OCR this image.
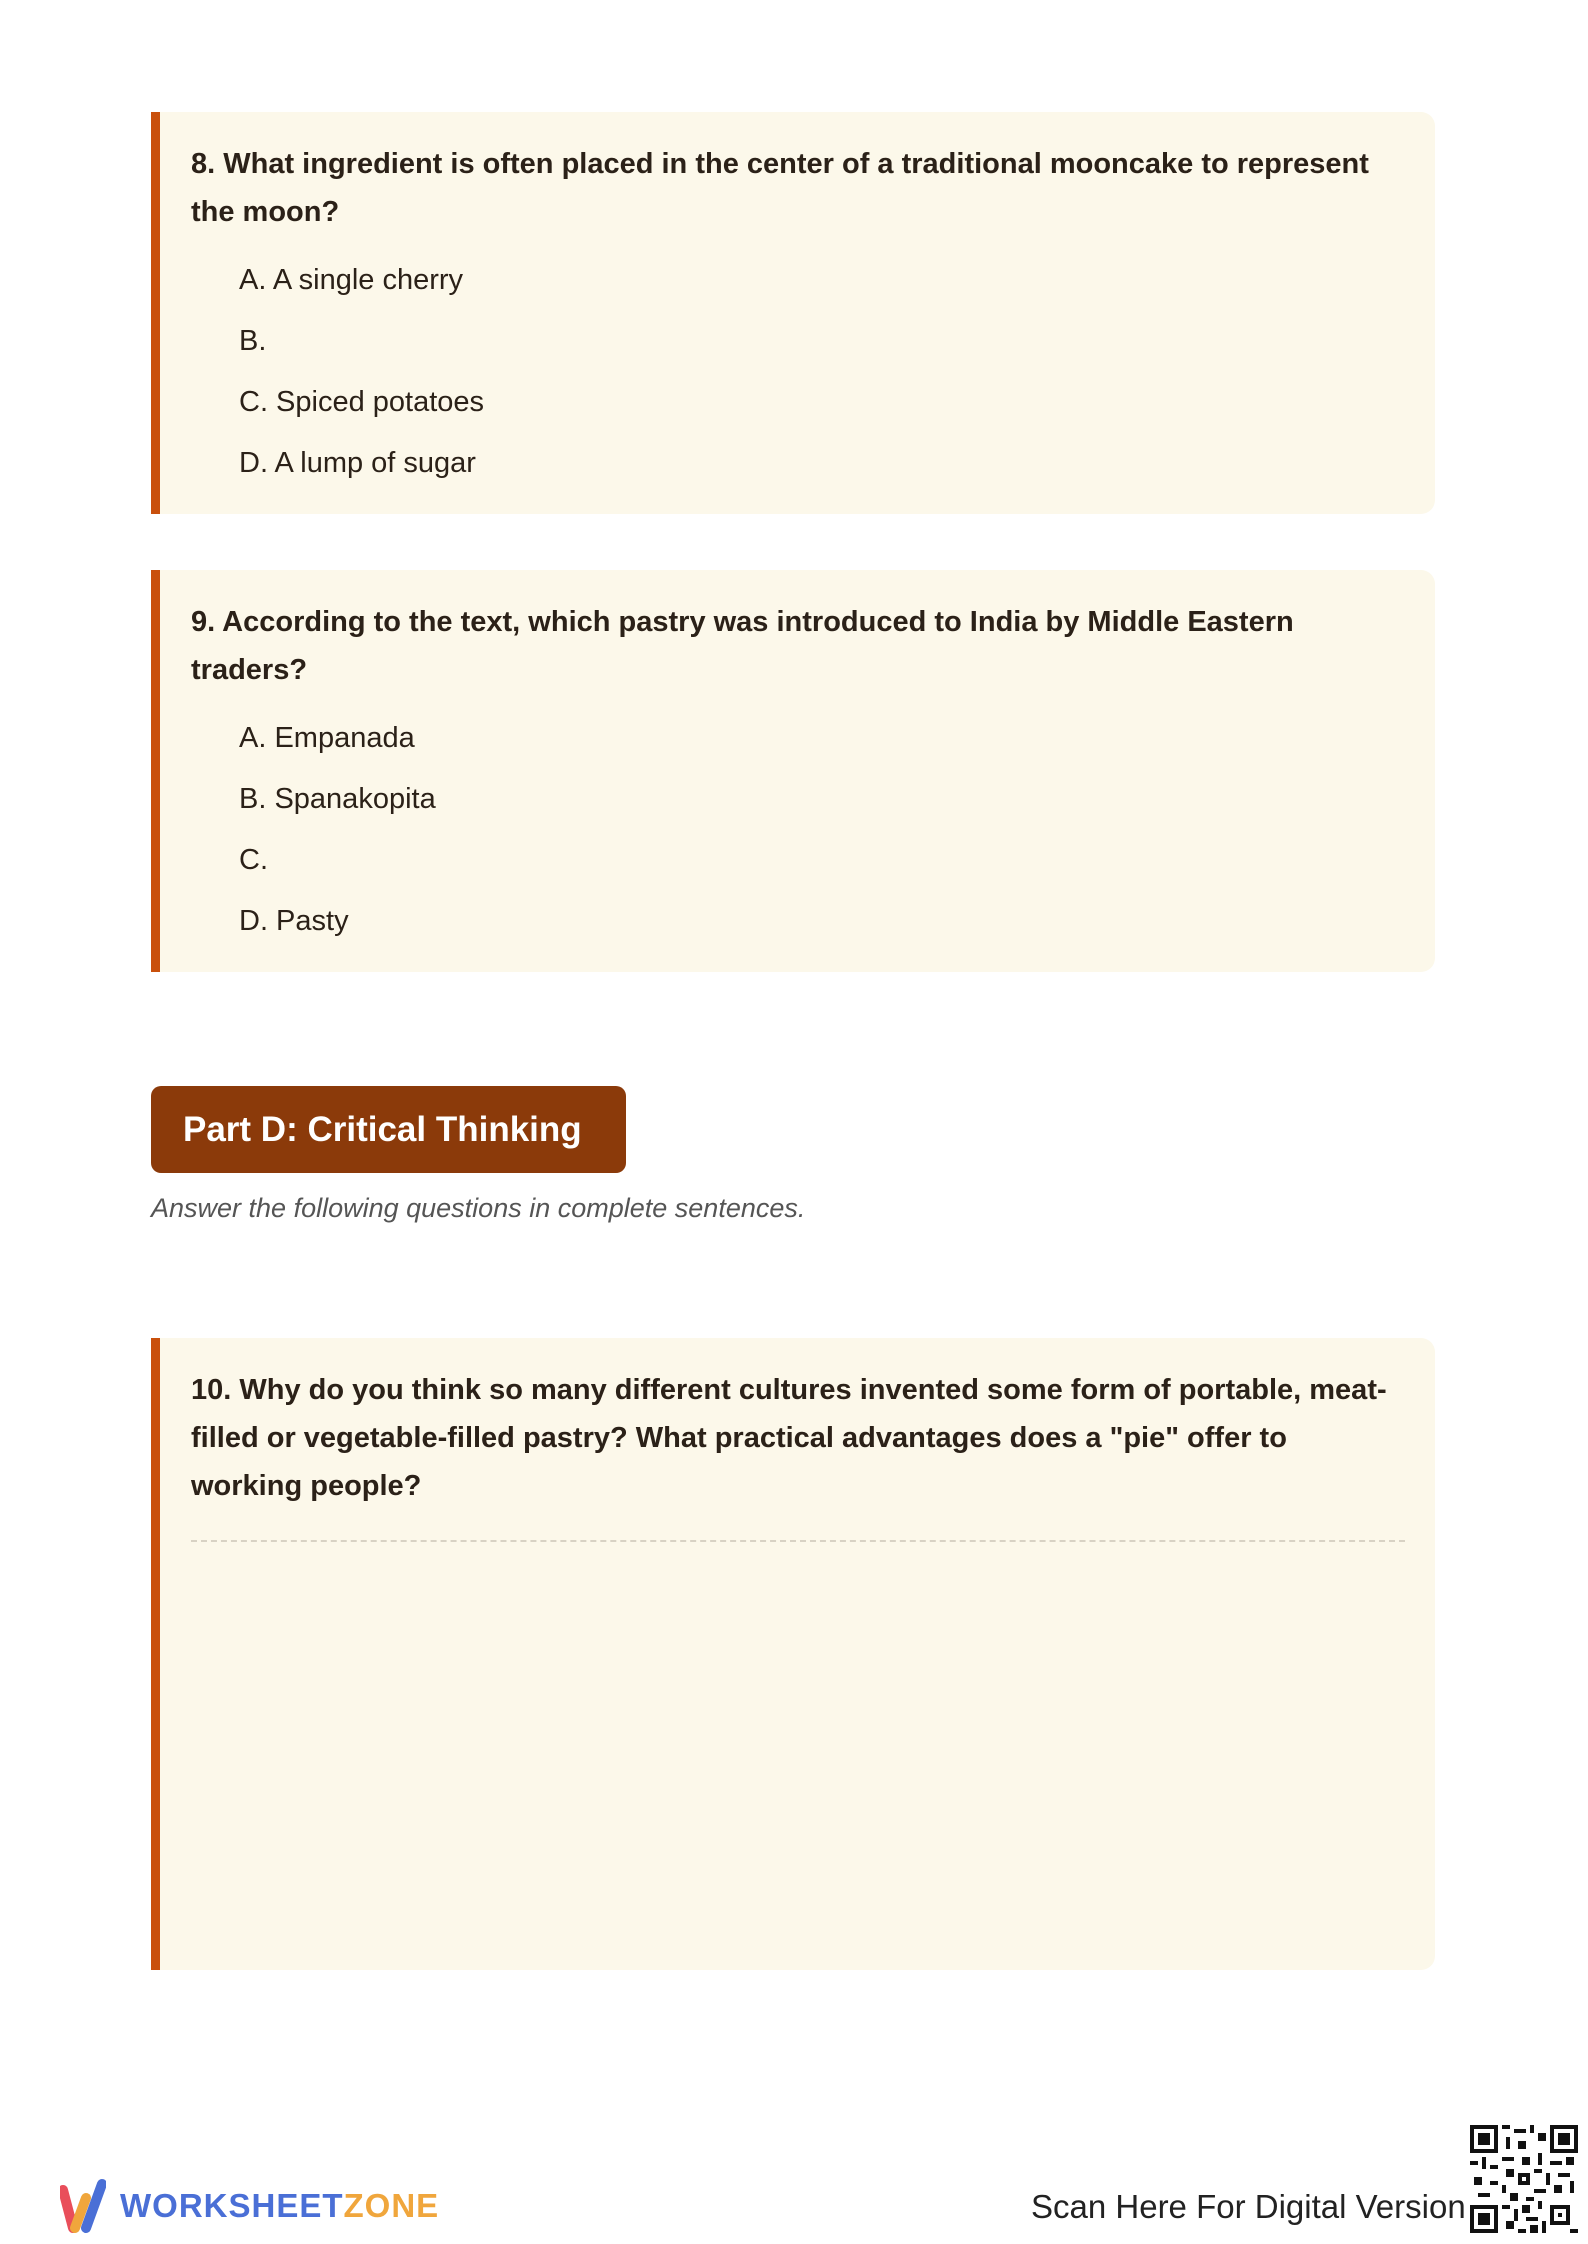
8. What ingredient is often placed in the center of a traditional mooncake to represent the moon?
A. A single cherry
B.
C. Spiced potatoes
D. A lump of sugar
9. According to the text, which pastry was introduced to India by Middle Eastern traders?
A. Empanada
B. Spanakopita
C.
D. Pasty
Part D: Critical Thinking
Answer the following questions in complete sentences.
10. Why do you think so many different cultures invented some form of portable, meat-filled or vegetable-filled pastry? What practical advantages does a "pie" offer to working people?
WORKSHEETZONE	Scan Here For Digital Version
